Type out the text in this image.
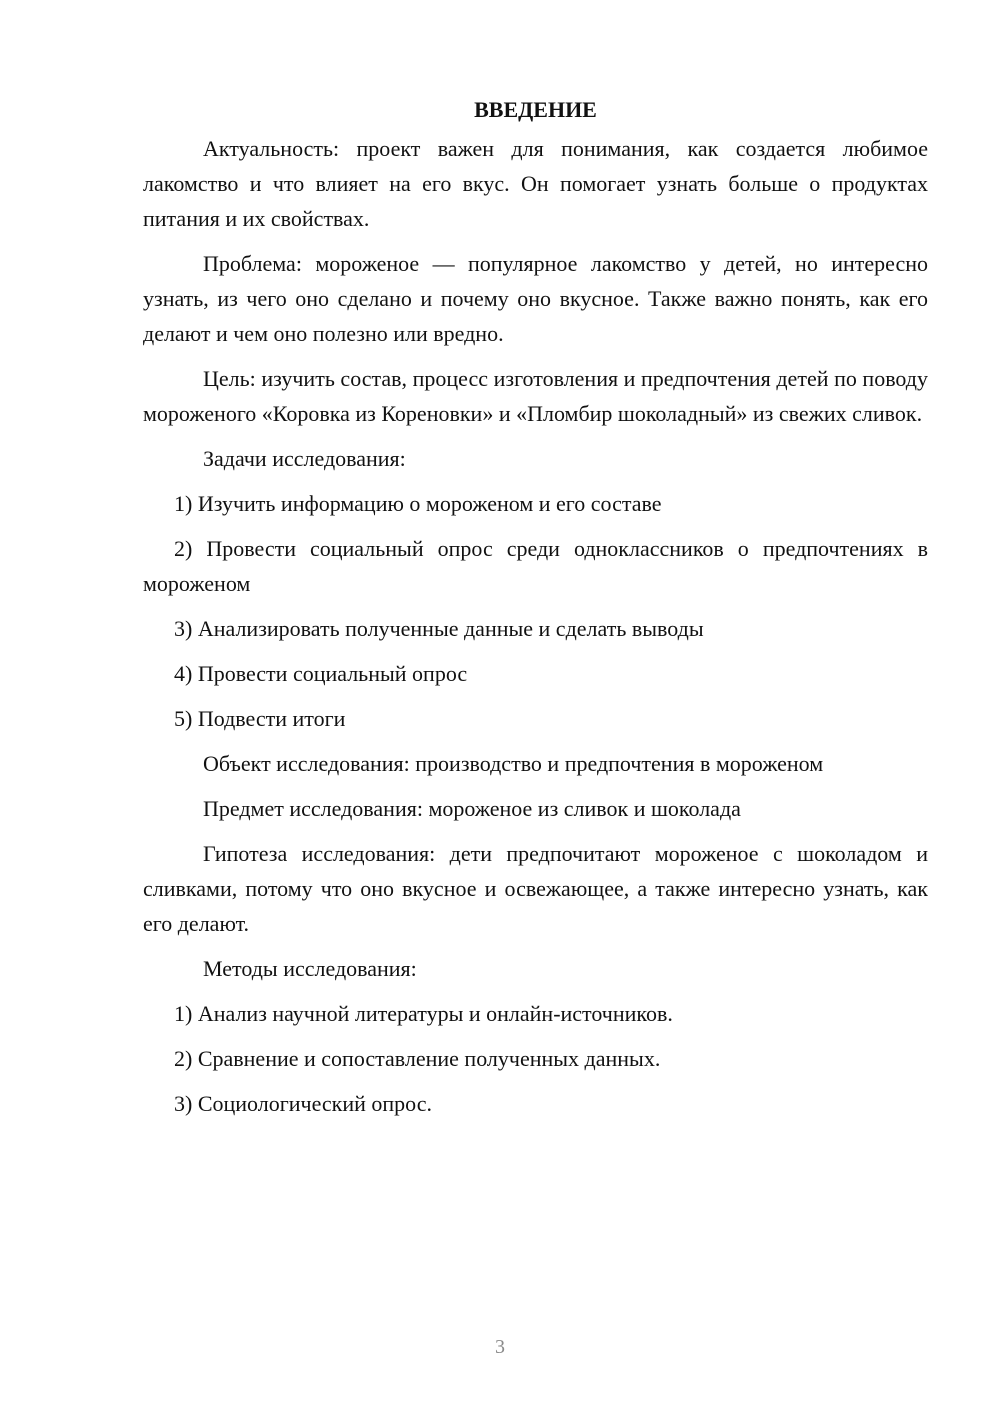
ВВЕДЕНИЕ

Актуальность: проект важен для понимания, как создается любимое лакомство и что влияет на его вкус. Он помогает узнать больше о продуктах питания и их свойствах.

Проблема: мороженое — популярное лакомство у детей, но интересно узнать, из чего оно сделано и почему оно вкусное. Также важно понять, как его делают и чем оно полезно или вредно.

Цель: изучить состав, процесс изготовления и предпочтения детей по поводу мороженого «Коровка из Кореновки» и «Пломбир шоколадный» из свежих сливок.

Задачи исследования:

1) Изучить информацию о мороженом и его составе

2) Провести социальный опрос среди одноклассников о предпочтениях в мороженом

3) Анализировать полученные данные и сделать выводы

4) Провести социальный опрос

5) Подвести итоги

Объект исследования: производство и предпочтения в мороженом

Предмет исследования: мороженое из сливок и шоколада

Гипотеза исследования: дети предпочитают мороженое с шоколадом и сливками, потому что оно вкусное и освежающее, а также интересно узнать, как его делают.

Методы исследования:

1) Анализ научной литературы и онлайн-источников.

2) Сравнение и сопоставление полученных данных.

3) Социологический опрос.

3
